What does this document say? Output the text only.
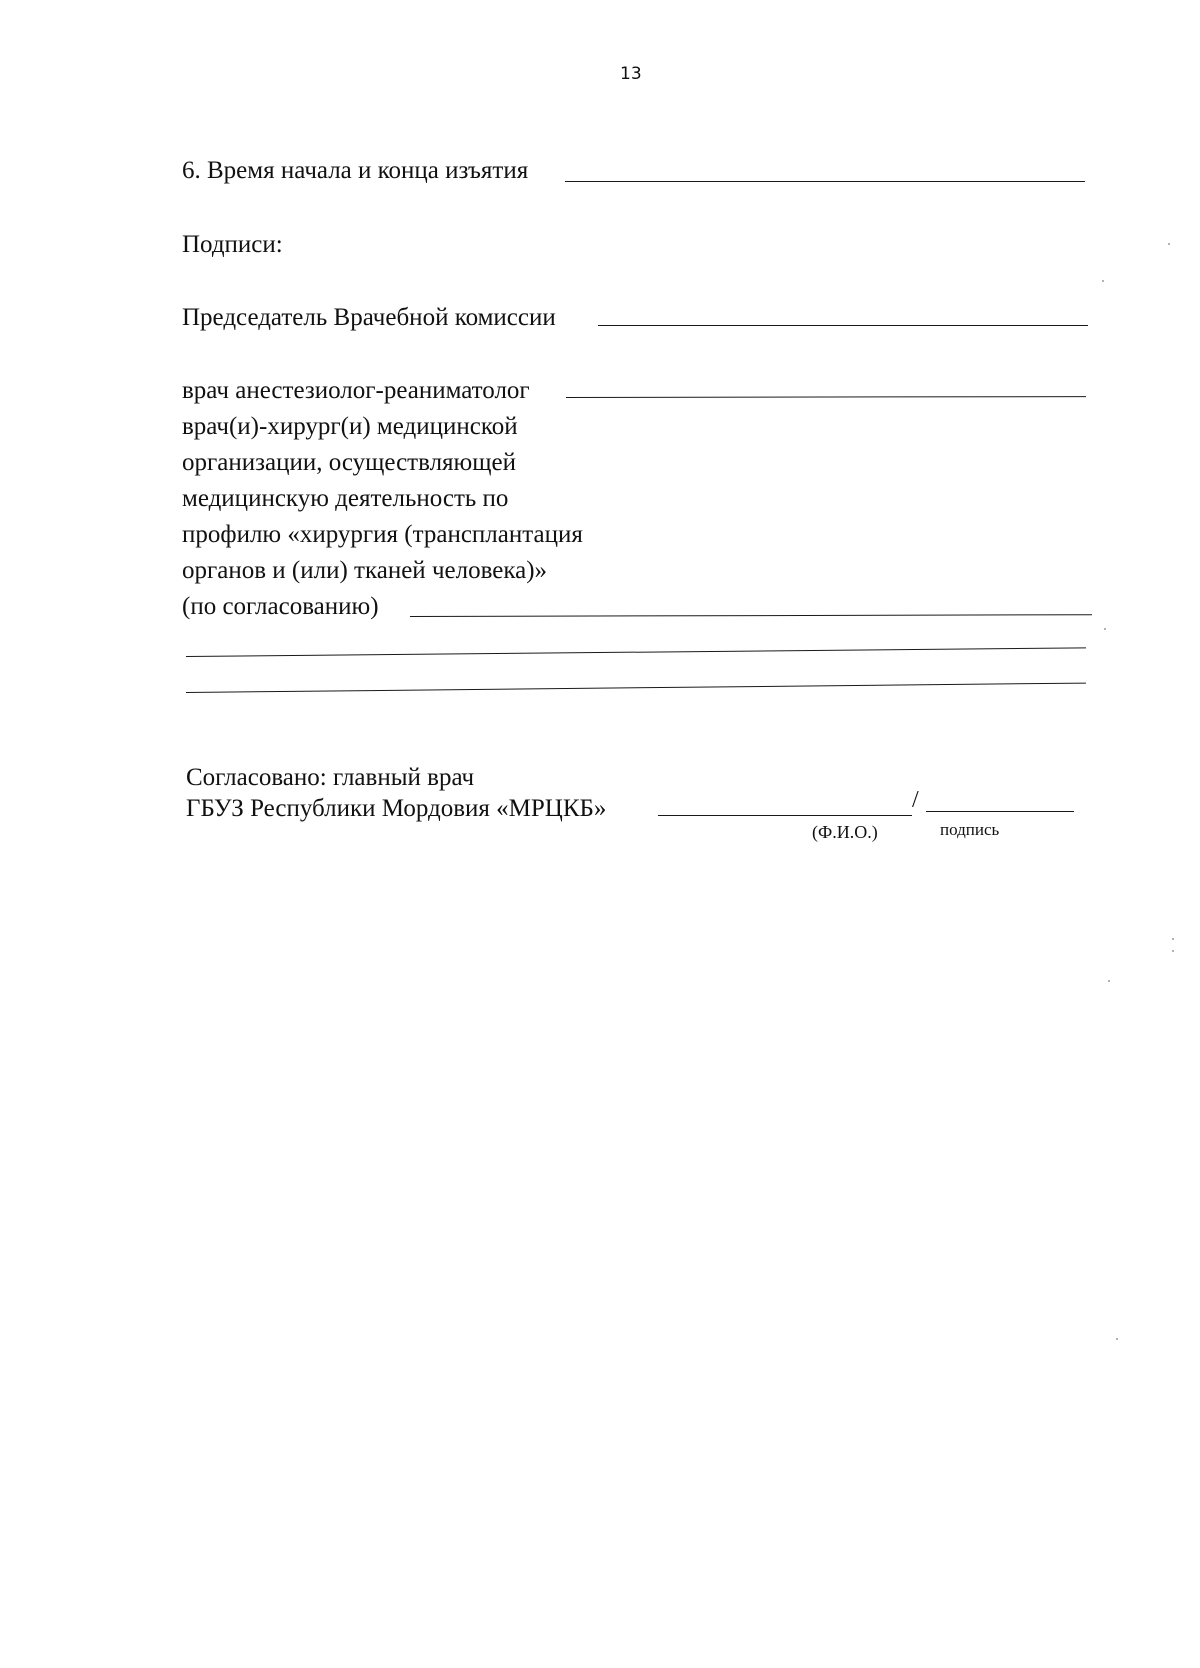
13
6. Время начала и конца изъятия
Подписи:
Председатель Врачебной комиссии
врач анестезиолог-реаниматолог
врач(и)-хирург(и) медицинской
организации, осуществляющей
медицинскую деятельность по
профилю «хирургия (трансплантация
органов и (или) тканей человека)»
(по согласованию)
Согласовано: главный врач
ГБУЗ Республики Мордовия «МРЦКБ»	/
(Ф.И.О.)	подпись
